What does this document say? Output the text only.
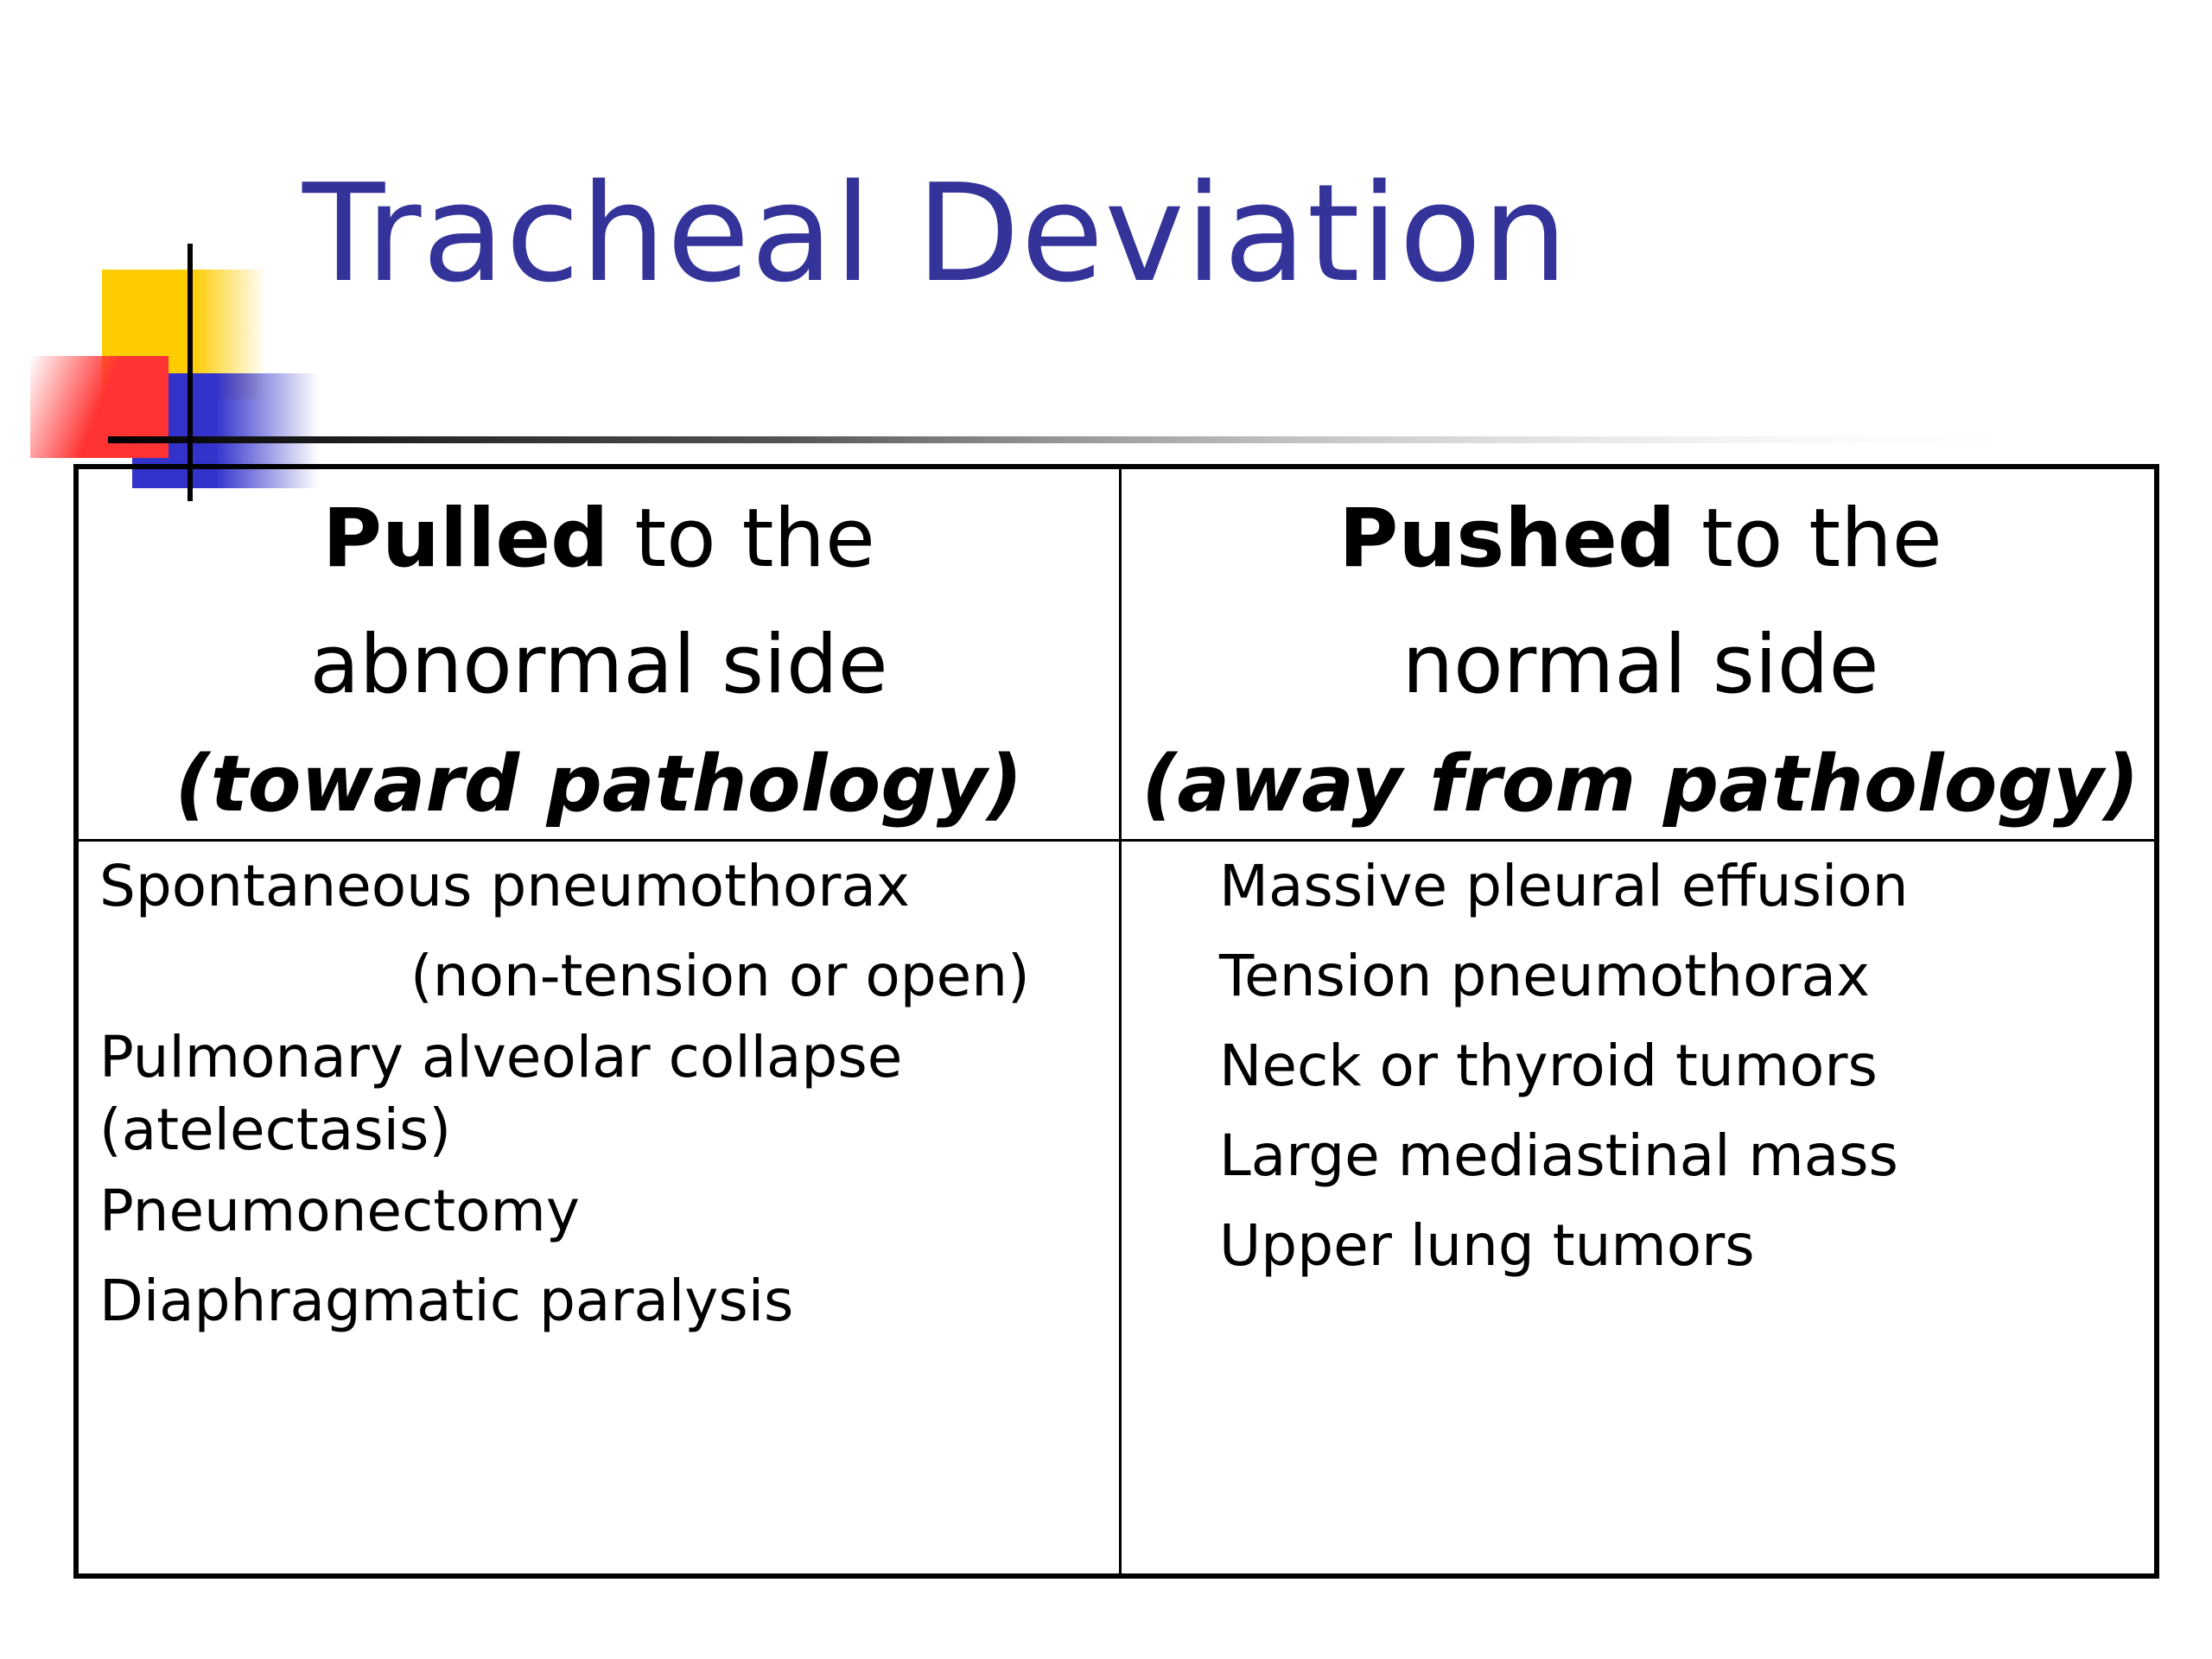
Tracheal Deviation
Pulled to the
abnormal side
(toward pathology)
Pushed to the
normal side
(away from pathology)
Spontaneous pneumothorax
(non-tension or open)
Pulmonary alveolar collapse
(atelectasis)
Pneumonectomy
Diaphragmatic paralysis
Massive pleural effusion
Tension pneumothorax
Neck or thyroid tumors
Large mediastinal mass
Upper lung tumors
